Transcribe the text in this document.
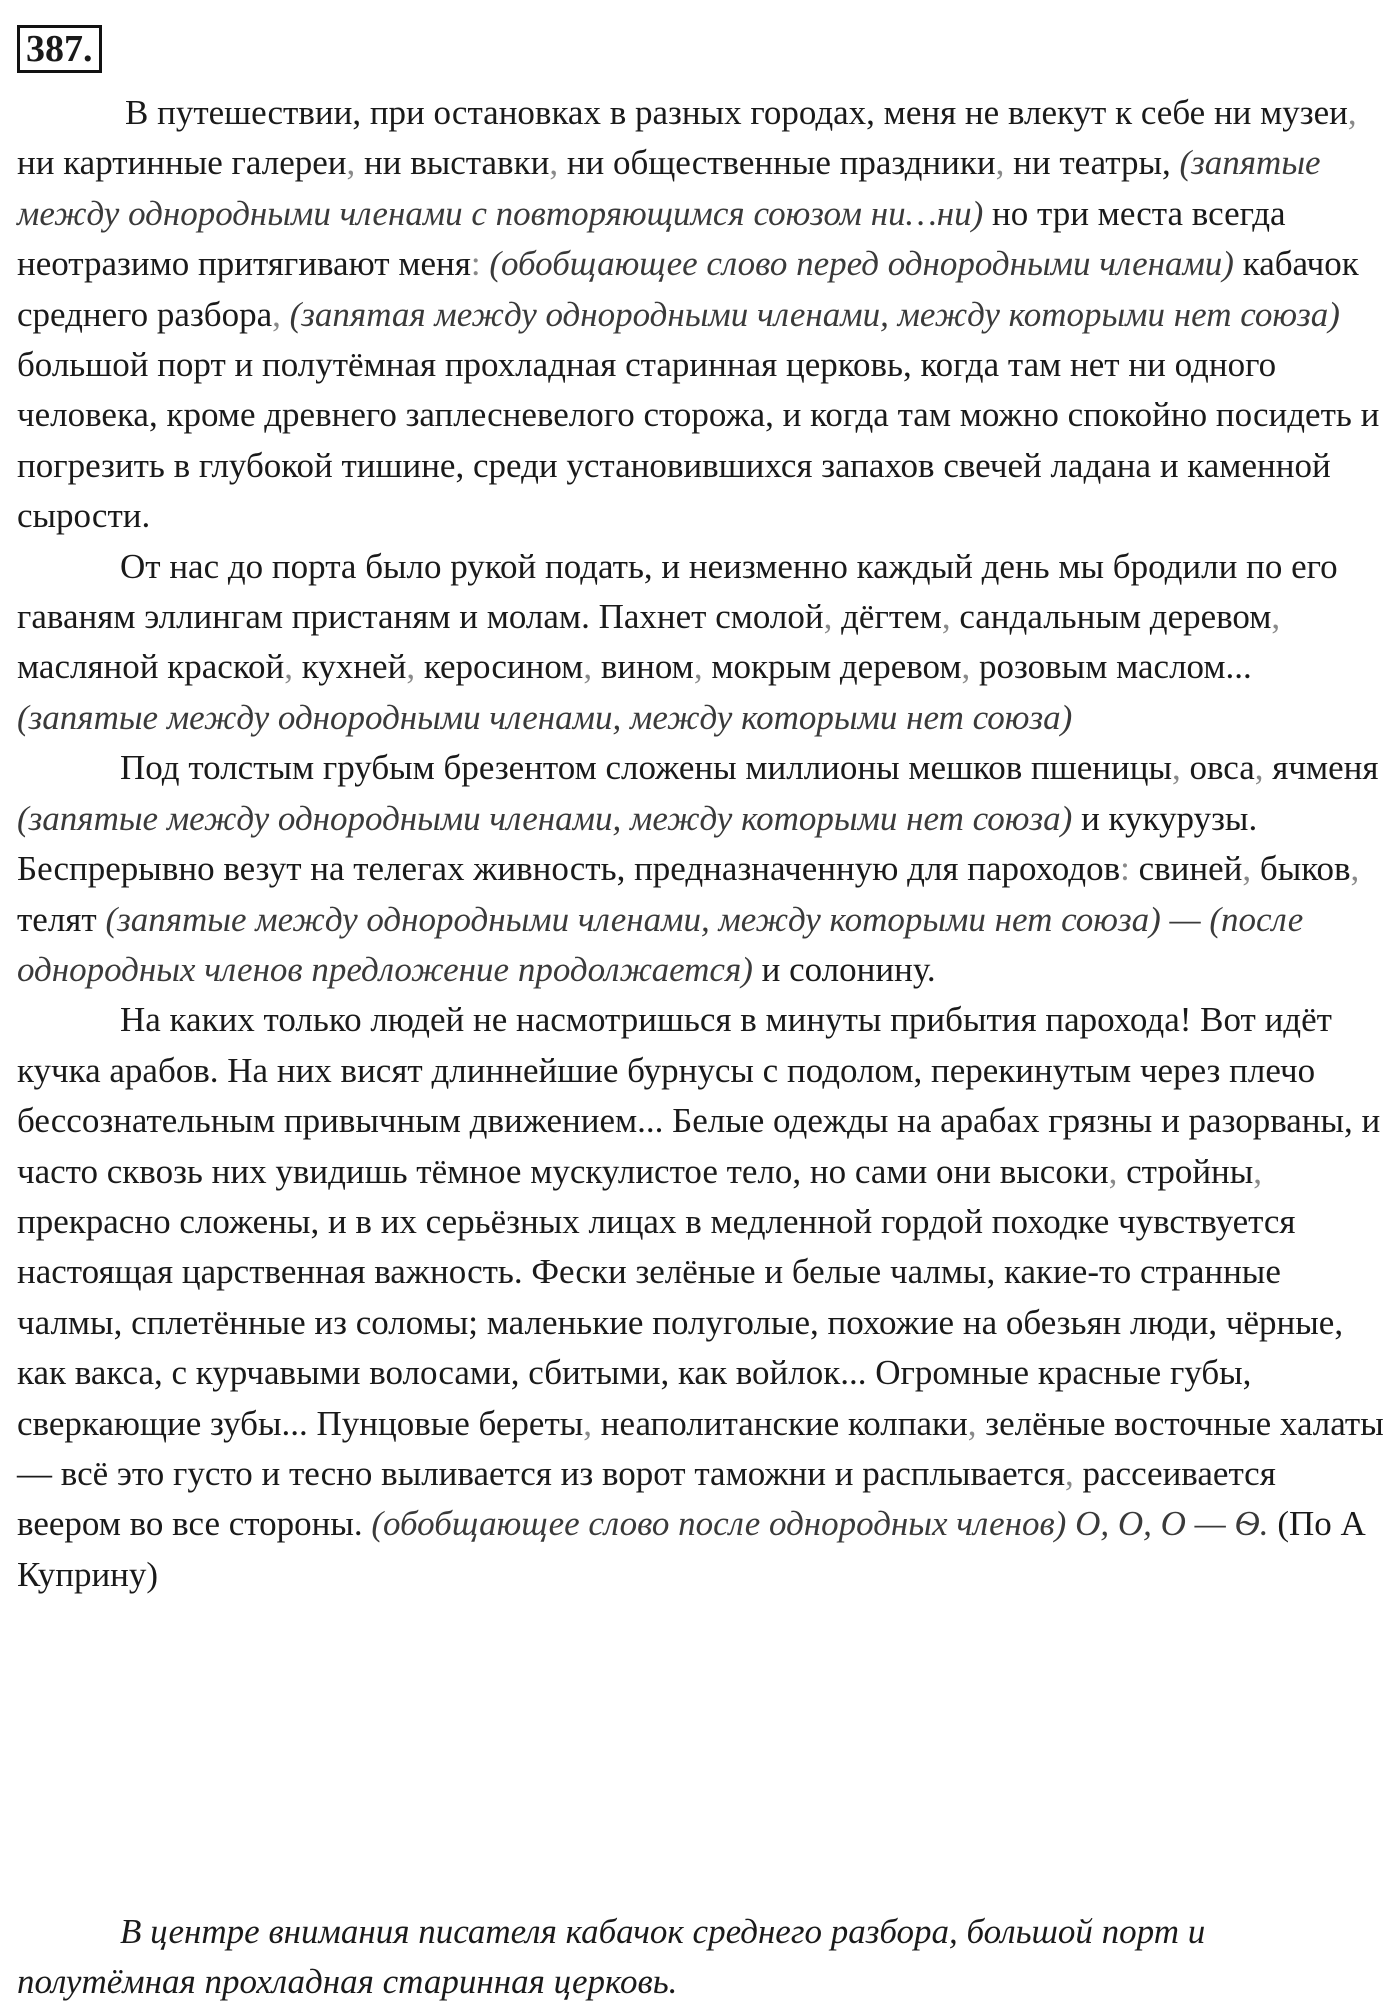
387.

В путешествии, при остановках в разных городах, меня не влекут к себе ни музеи, ни картинные галереи, ни выставки, ни общественные праздники, ни театры, (запятые между однородными членами с повторяющимся союзом ни…ни) но три места всегда неотразимо притягивают меня: (обобщающее слово перед однородными членами) кабачок среднего разбора, (запятая между однородными членами, между которыми нет союза) большой порт и полутёмная прохладная старинная церковь, когда там нет ни одного человека, кроме древнего заплесневелого сторожа, и когда там можно спокойно посидеть и погрезить в глубокой тишине, среди установившихся запахов свечей ладана и каменной сырости.

От нас до порта было рукой подать, и неизменно каждый день мы бродили по его гаваням эллингам пристаням и молам. Пахнет смолой, дёгтем, сандальным деревом, масляной краской, кухней, керосином, вином, мокрым деревом, розовым маслом... (запятые между однородными членами, между которыми нет союза)

Под толстым грубым брезентом сложены миллионы мешков пшеницы, овса, ячменя (запятые между однородными членами, между которыми нет союза) и кукурузы. Беспрерывно везут на телегах живность, предназначенную для пароходов: свиней, быков, телят (запятые между однородными членами, между которыми нет союза) — (после однородных членов предложение продолжается) и солонину.

На каких только людей не насмотришься в минуты прибытия парохода! Вот идёт кучка арабов. На них висят длиннейшие бурнусы с подолом, перекинутым через плечо бессознательным привычным движением... Белые одежды на арабах грязны и разорваны, и часто сквозь них увидишь тёмное мускулистое тело, но сами они высоки, стройны, прекрасно сложены, и в их серьёзных лицах в медленной гордой походке чувствуется настоящая царственная важность. Фески зелёные и белые чалмы, какие-то странные чалмы, сплетённые из соломы; маленькие полуголые, похожие на обезьян люди, чёрные, как вакса, с курчавыми волосами, сбитыми, как войлок... Огромные красные губы, сверкающие зубы... Пунцовые береты, неаполитанские колпаки, зелёные восточные халаты — всё это густо и тесно выливается из ворот таможни и расплывается, рассеивается веером во все стороны. (обобщающее слово после однородных членов) О, О, О — Ѳ. (По А Куприну)

В центре внимания писателя кабачок среднего разбора, большой порт и полутёмная прохладная старинная церковь.
